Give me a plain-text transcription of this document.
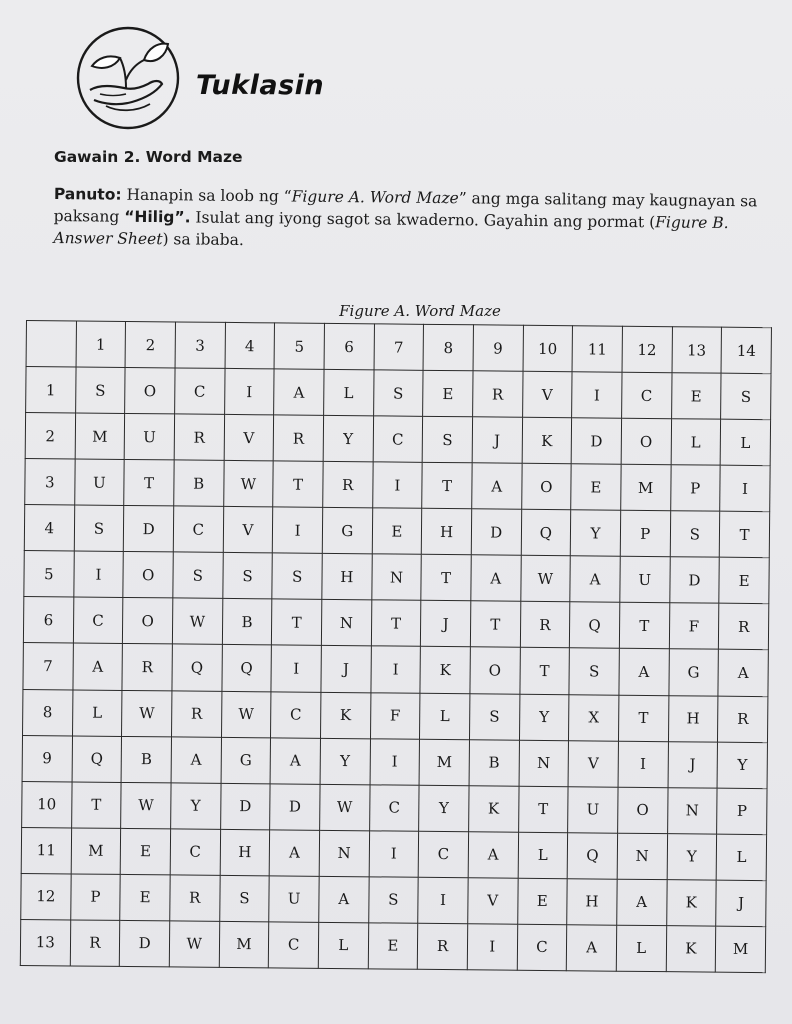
Tuklasin
Gawain 2. Word Maze
Panuto: Hanapin sa loob ng “Figure A. Word Maze” ang mga salitang may kaugnayan sa paksang “Hilig”. Isulat ang iyong sagot sa kwaderno. Gayahin ang pormat (Figure B. Answer Sheet) sa ibaba.
Figure A. Word Maze
	1	2	3	4	5	6	7	8	9	10	11	12	13	14
1	S	O	C	I	A	L	S	E	R	V	I	C	E	S
2	M	U	R	V	R	Y	C	S	J	K	D	O	L	L
3	U	T	B	W	T	R	I	T	A	O	E	M	P	I
4	S	D	C	V	I	G	E	H	D	Q	Y	P	S	T
5	I	O	S	S	S	H	N	T	A	W	A	U	D	E
6	C	O	W	B	T	N	T	J	T	R	Q	T	F	R
7	A	R	Q	Q	I	J	I	K	O	T	S	A	G	A
8	L	W	R	W	C	K	F	L	S	Y	X	T	H	R
9	Q	B	A	G	A	Y	I	M	B	N	V	I	J	Y
10	T	W	Y	D	D	W	C	Y	K	T	U	O	N	P
11	M	E	C	H	A	N	I	C	A	L	Q	N	Y	L
12	P	E	R	S	U	A	S	I	V	E	H	A	K	J
13	R	D	W	M	C	L	E	R	I	C	A	L	K	M
